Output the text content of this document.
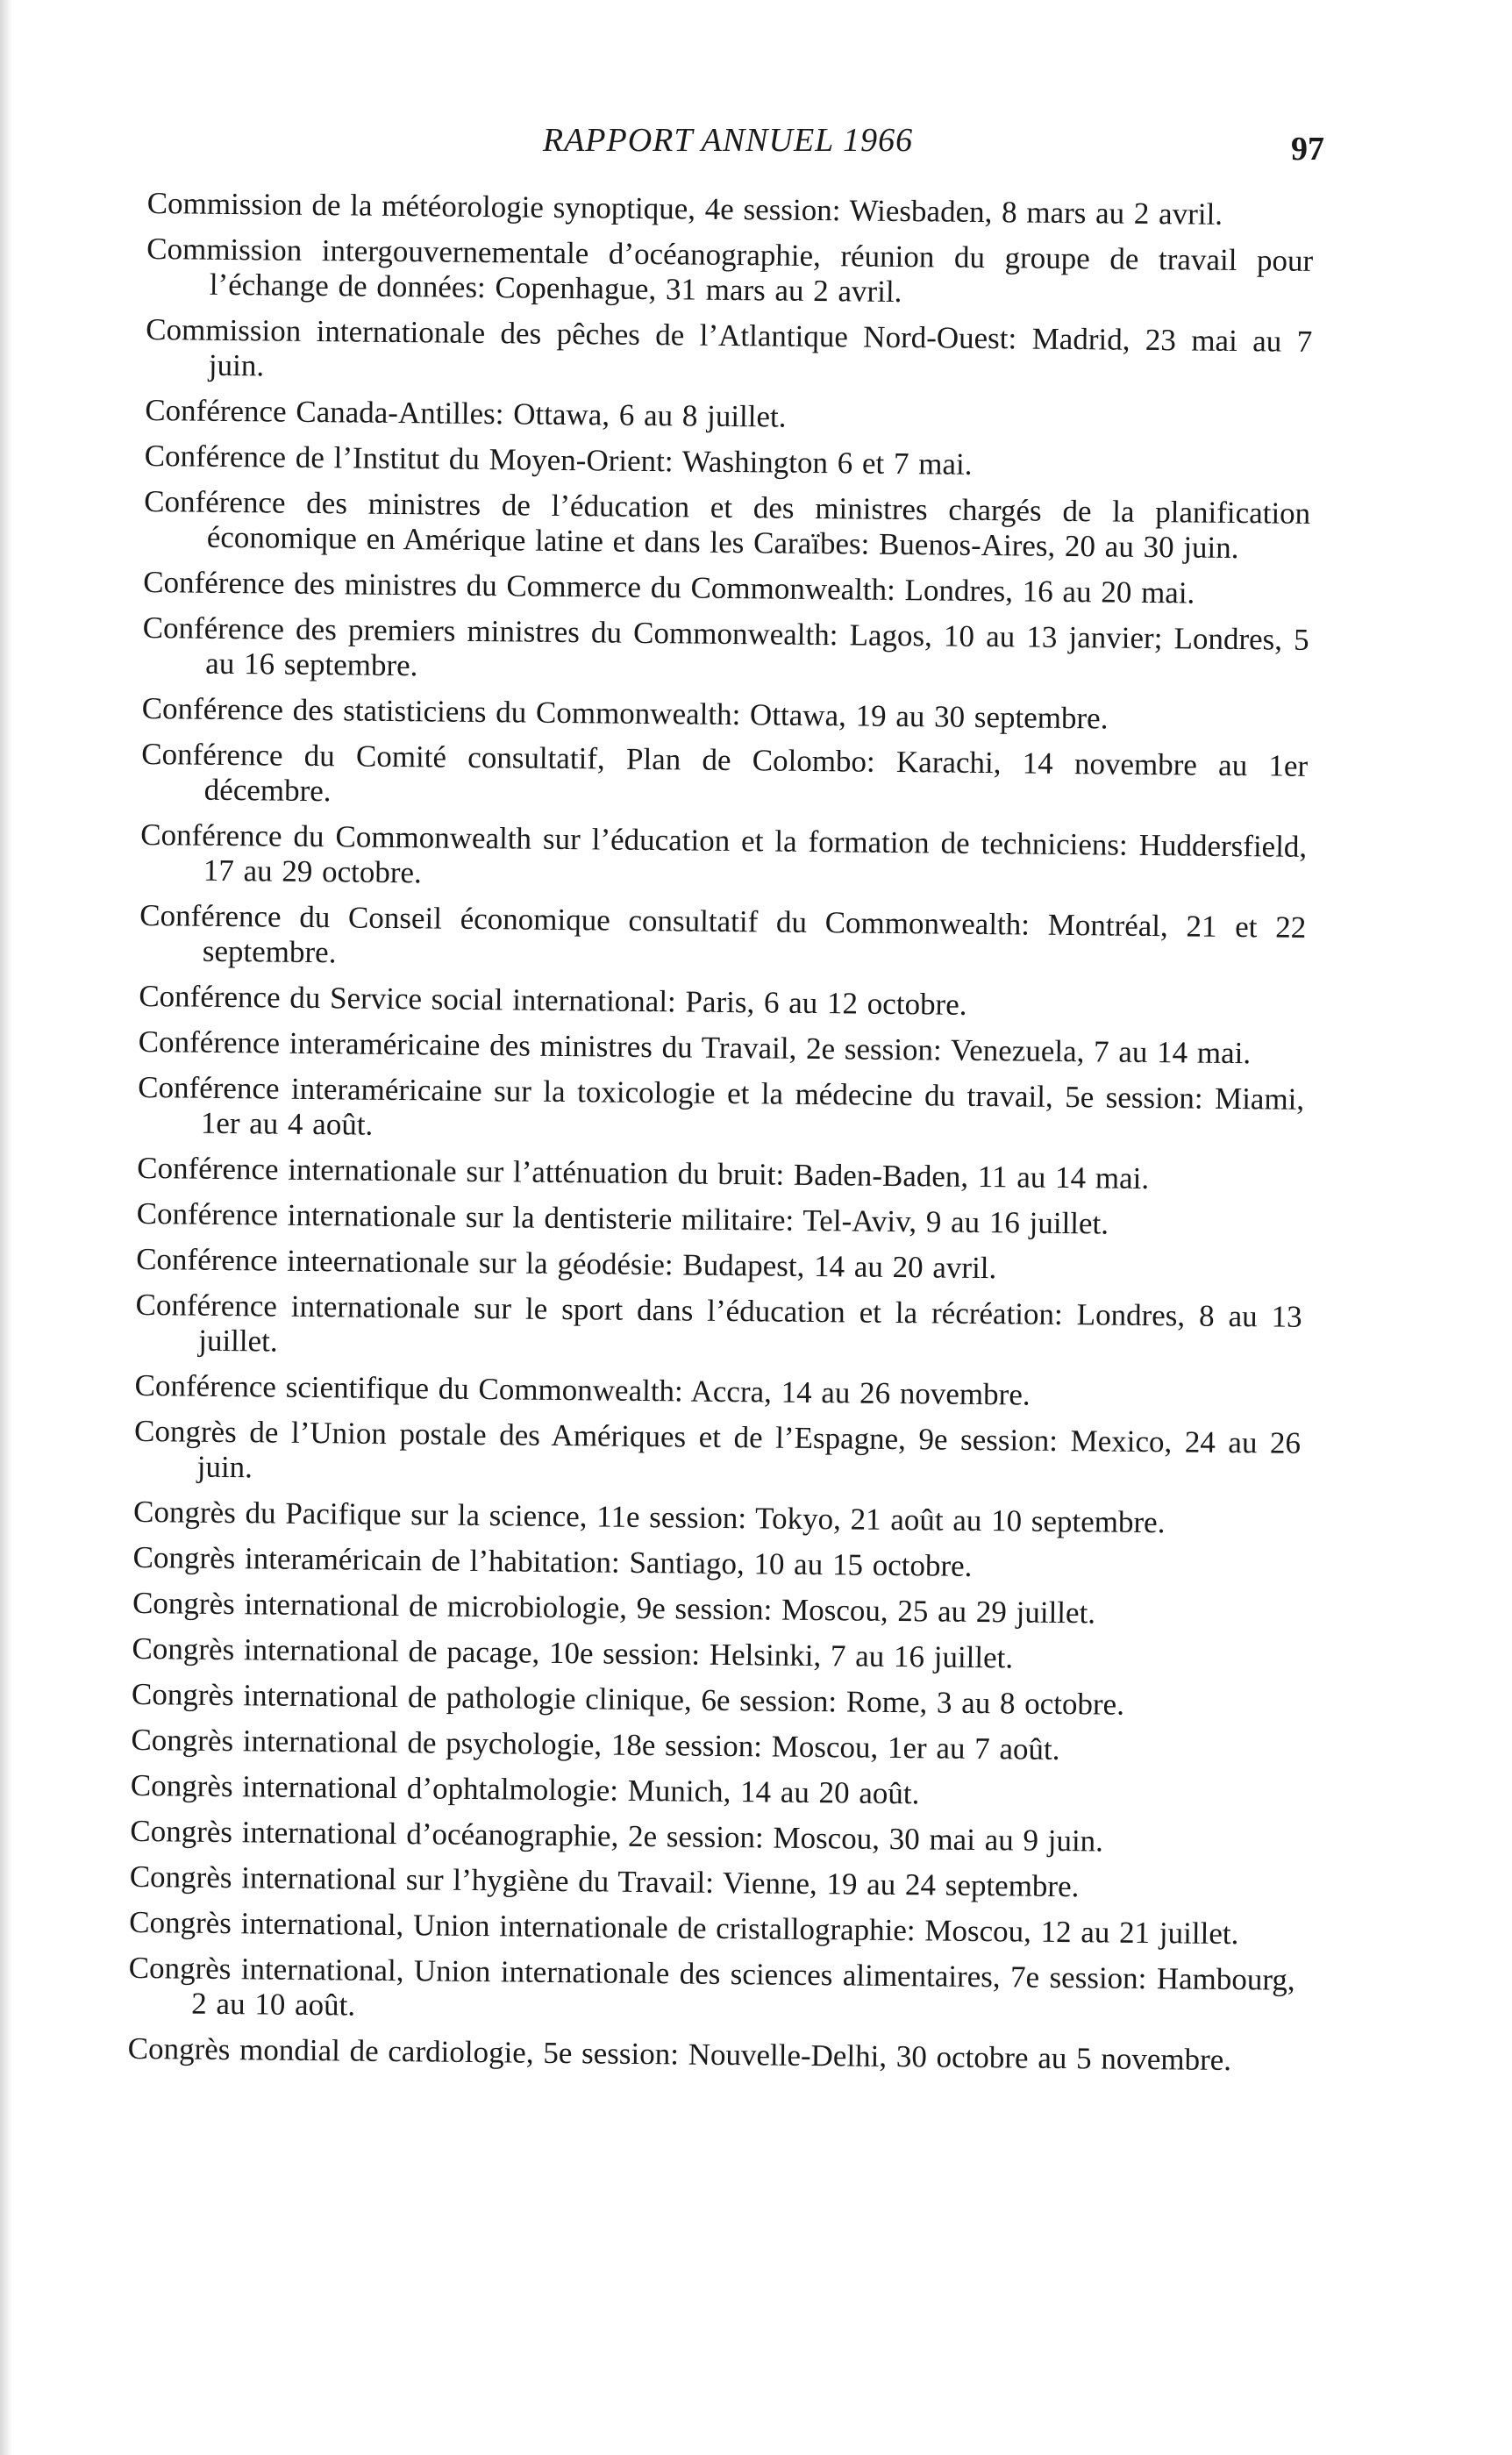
RAPPORT ANNUEL 1966	97

Commission de la météorologie synoptique, 4e session: Wiesbaden, 8 mars au 2 avril.

Commission intergouvernementale d’océanographie, réunion du groupe de travail pour l’échange de données: Copenhague, 31 mars au 2 avril.

Commission internationale des pêches de l’Atlantique Nord-Ouest: Madrid, 23 mai au 7 juin.

Conférence Canada-Antilles: Ottawa, 6 au 8 juillet.

Conférence de l’Institut du Moyen-Orient: Washington 6 et 7 mai.

Conférence des ministres de l’éducation et des ministres chargés de la planification économique en Amérique latine et dans les Caraïbes: Buenos-Aires, 20 au 30 juin.

Conférence des ministres du Commerce du Commonwealth: Londres, 16 au 20 mai.

Conférence des premiers ministres du Commonwealth: Lagos, 10 au 13 janvier; Londres, 5 au 16 septembre.

Conférence des statisticiens du Commonwealth: Ottawa, 19 au 30 septembre.

Conférence du Comité consultatif, Plan de Colombo: Karachi, 14 novembre au 1er décembre.

Conférence du Commonwealth sur l’éducation et la formation de techniciens: Huddersfield, 17 au 29 octobre.

Conférence du Conseil économique consultatif du Commonwealth: Montréal, 21 et 22 septembre.

Conférence du Service social international: Paris, 6 au 12 octobre.

Conférence interaméricaine des ministres du Travail, 2e session: Venezuela, 7 au 14 mai.

Conférence interaméricaine sur la toxicologie et la médecine du travail, 5e session: Miami, 1er au 4 août.

Conférence internationale sur l’atténuation du bruit: Baden-Baden, 11 au 14 mai.

Conférence internationale sur la dentisterie militaire: Tel-Aviv, 9 au 16 juillet.

Conférence inteernationale sur la géodésie: Budapest, 14 au 20 avril.

Conférence internationale sur le sport dans l’éducation et la récréation: Londres, 8 au 13 juillet.

Conférence scientifique du Commonwealth: Accra, 14 au 26 novembre.

Congrès de l’Union postale des Amériques et de l’Espagne, 9e session: Mexico, 24 au 26 juin.

Congrès du Pacifique sur la science, 11e session: Tokyo, 21 août au 10 septembre.

Congrès interaméricain de l’habitation: Santiago, 10 au 15 octobre.

Congrès international de microbiologie, 9e session: Moscou, 25 au 29 juillet.

Congrès international de pacage, 10e session: Helsinki, 7 au 16 juillet.

Congrès international de pathologie clinique, 6e session: Rome, 3 au 8 octobre.

Congrès international de psychologie, 18e session: Moscou, 1er au 7 août.

Congrès international d’ophtalmologie: Munich, 14 au 20 août.

Congrès international d’océanographie, 2e session: Moscou, 30 mai au 9 juin.

Congrès international sur l’hygiène du Travail: Vienne, 19 au 24 septembre.

Congrès international, Union internationale de cristallographie: Moscou, 12 au 21 juillet.

Congrès international, Union internationale des sciences alimentaires, 7e session: Hambourg, 2 au 10 août.

Congrès mondial de cardiologie, 5e session: Nouvelle-Delhi, 30 octobre au 5 novembre.
